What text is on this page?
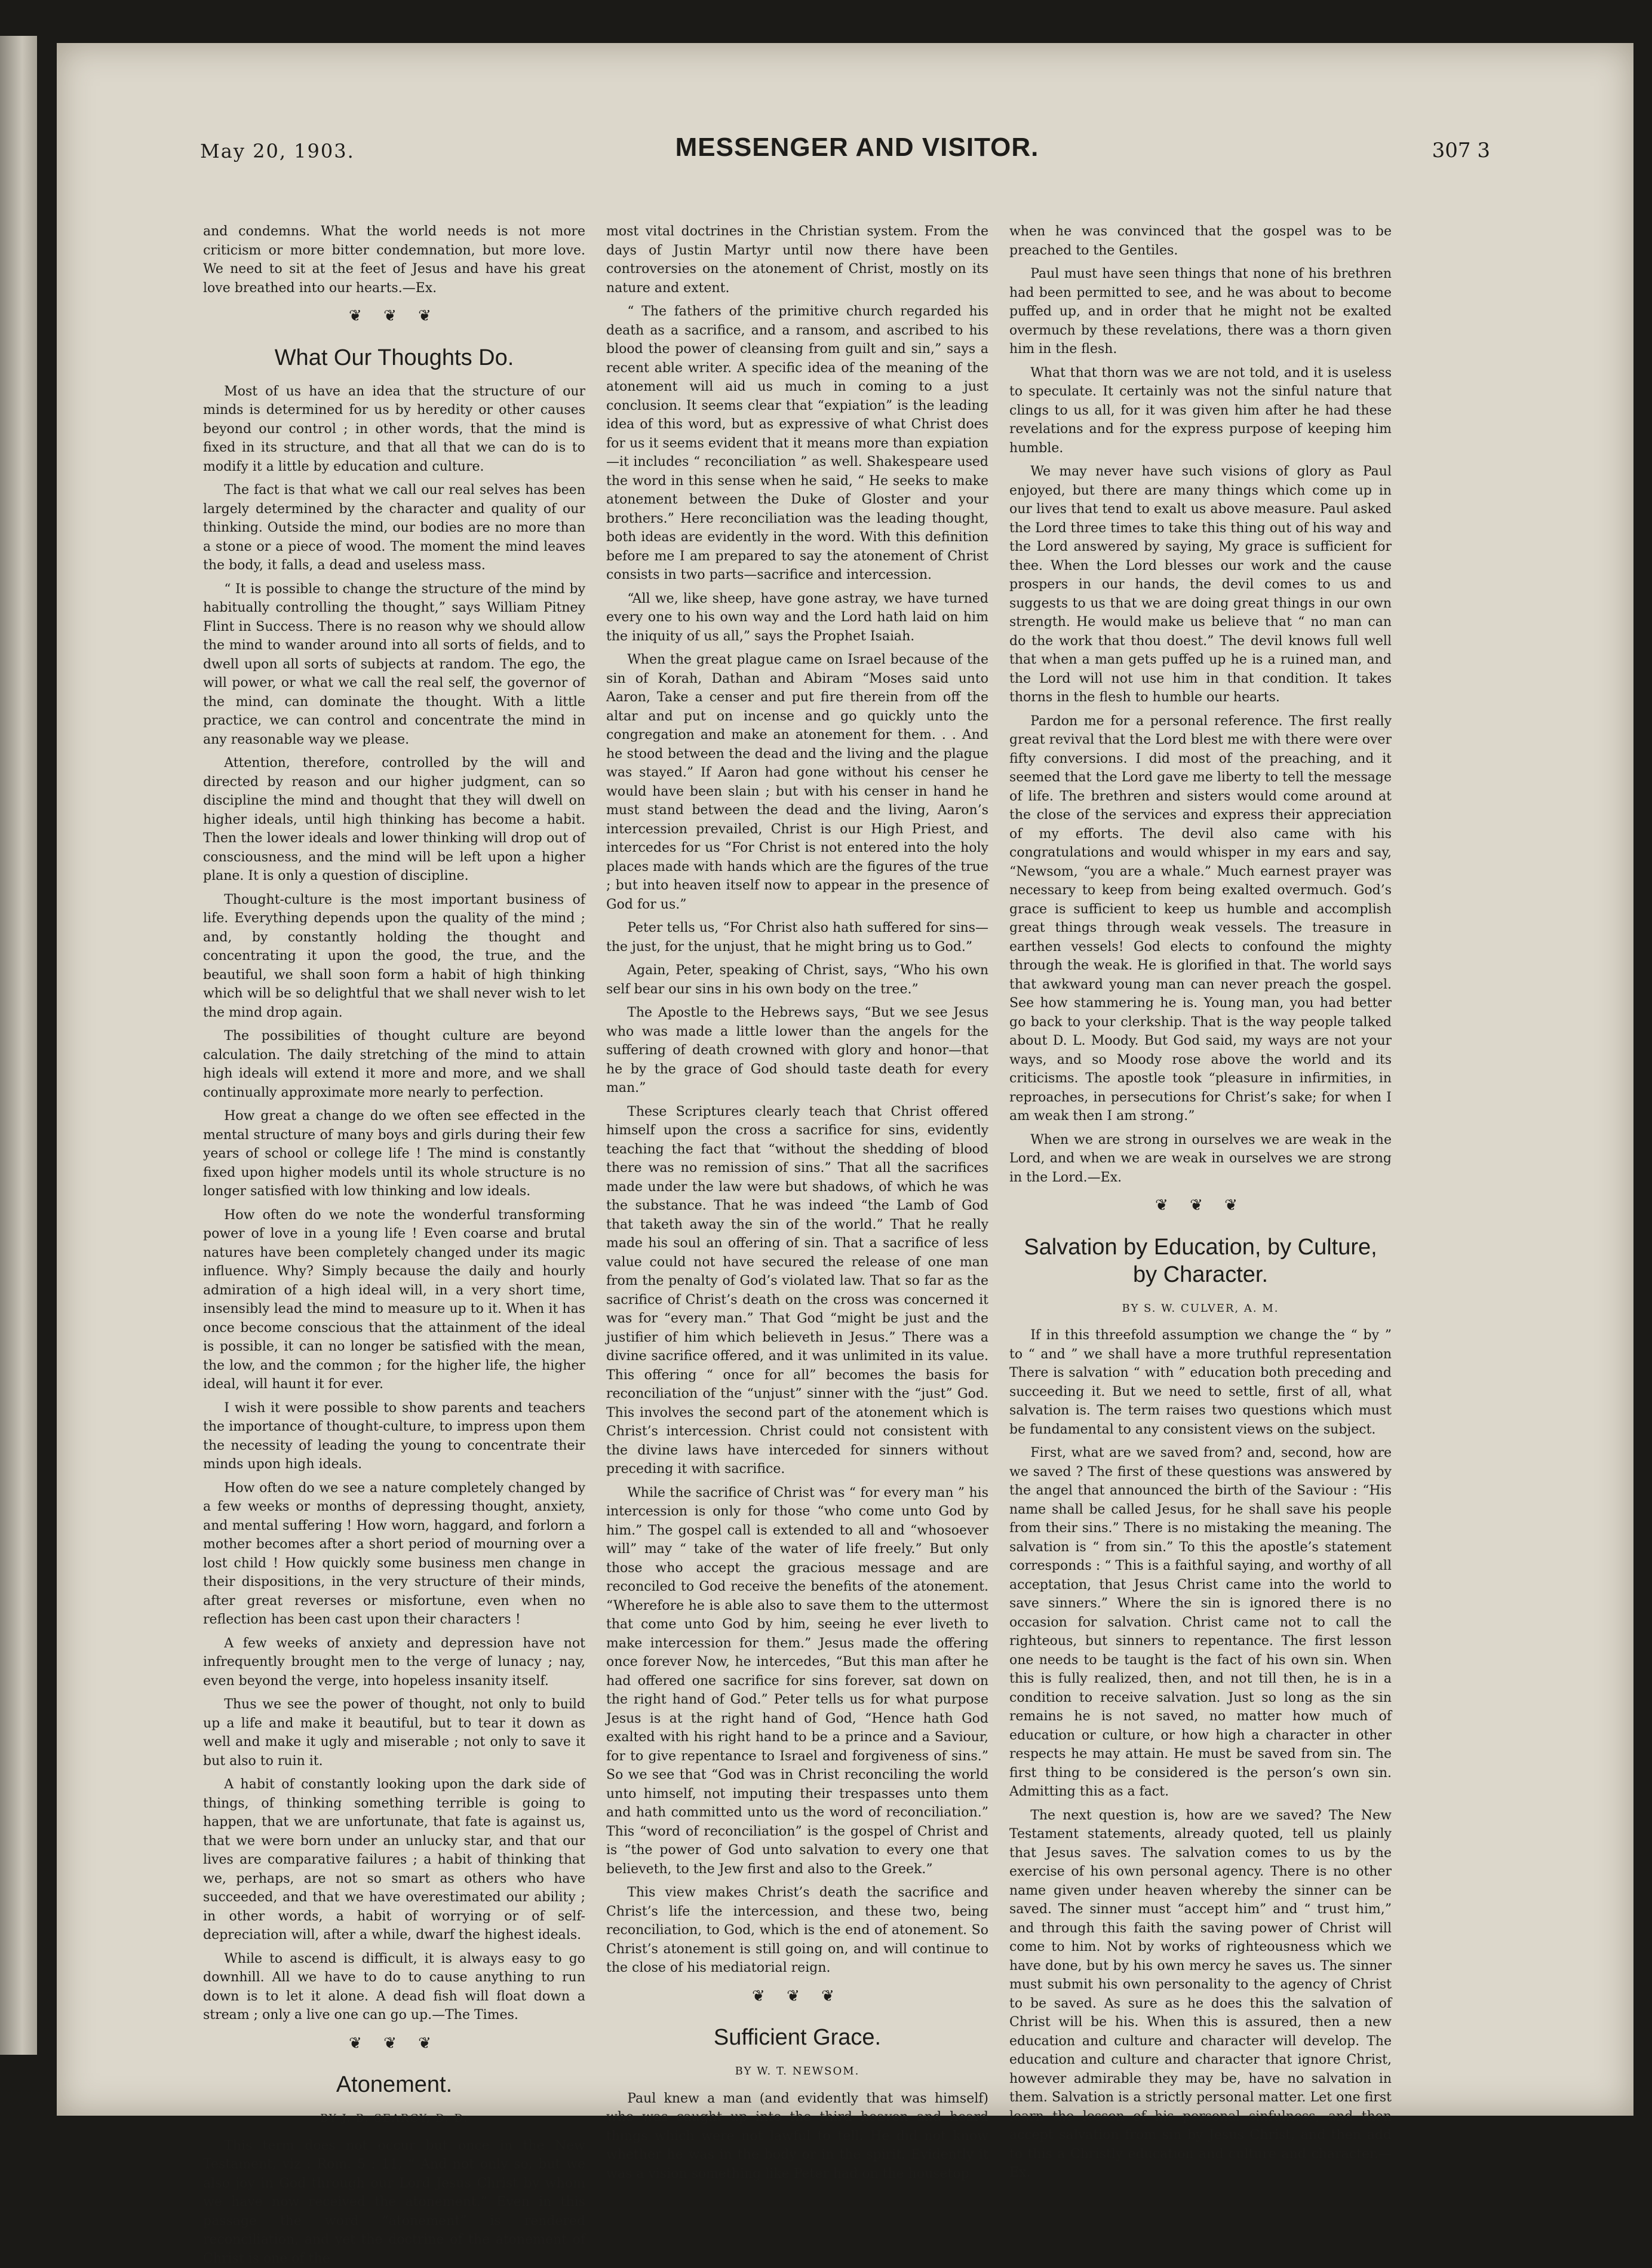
May 20, 1903.	MESSENGER AND VISITOR.	307 3

and condemns. What the world needs is not more criticism or more bitter condemnation, but more love. We need to sit at the feet of Jesus and have his great love breathed into our hearts.—Ex.

❦ ❦ ❦
What Our Thoughts Do.

Most of us have an idea that the structure of our minds is determined for us by heredity or other causes beyond our control ; in other words, that the mind is fixed in its structure, and that all that we can do is to modify it a little by education and culture.

The fact is that what we call our real selves has been largely determined by the character and quality of our thinking. Outside the mind, our bodies are no more than a stone or a piece of wood. The moment the mind leaves the body, it falls, a dead and useless mass.

“ It is possible to change the structure of the mind by habitually controlling the thought,” says William Pitney Flint in Success. There is no reason why we should allow the mind to wander around into all sorts of fields, and to dwell upon all sorts of subjects at random. The ego, the will power, or what we call the real self, the governor of the mind, can dominate the thought. With a little practice, we can control and concentrate the mind in any reasonable way we please.

Attention, therefore, controlled by the will and directed by reason and our higher judgment, can so discipline the mind and thought that they will dwell on higher ideals, until high thinking has become a habit. Then the lower ideals and lower thinking will drop out of consciousness, and the mind will be left upon a higher plane. It is only a question of discipline.

Thought-culture is the most important business of life. Everything depends upon the quality of the mind ; and, by constantly holding the thought and concentrating it upon the good, the true, and the beautiful, we shall soon form a habit of high thinking which will be so delightful that we shall never wish to let the mind drop again.

The possibilities of thought culture are beyond calculation. The daily stretching of the mind to attain high ideals will extend it more and more, and we shall continually approximate more nearly to perfection.

How great a change do we often see effected in the mental structure of many boys and girls during their few years of school or college life ! The mind is constantly fixed upon higher models until its whole structure is no longer satisfied with low thinking and low ideals.

How often do we note the wonderful transforming power of love in a young life ! Even coarse and brutal natures have been completely changed under its magic influence. Why? Simply because the daily and hourly admiration of a high ideal will, in a very short time, insensibly lead the mind to measure up to it. When it has once become conscious that the attainment of the ideal is possible, it can no longer be satisfied with the mean, the low, and the common ; for the higher life, the higher ideal, will haunt it for ever.

I wish it were possible to show parents and teachers the importance of thought-culture, to impress upon them the necessity of leading the young to concentrate their minds upon high ideals.

How often do we see a nature completely changed by a few weeks or months of depressing thought, anxiety, and mental suffering ! How worn, haggard, and forlorn a mother becomes after a short period of mourning over a lost child ! How quickly some business men change in their dispositions, in the very structure of their minds, after great reverses or misfortune, even when no reflection has been cast upon their characters !

A few weeks of anxiety and depression have not infrequently brought men to the verge of lunacy ; nay, even beyond the verge, into hopeless insanity itself.

Thus we see the power of thought, not only to build up a life and make it beautiful, but to tear it down as well and make it ugly and miserable ; not only to save it but also to ruin it.

A habit of constantly looking upon the dark side of things, of thinking something terrible is going to happen, that we are unfortunate, that fate is against us, that we were born under an unlucky star, and that our lives are comparative failures ; a habit of thinking that we, perhaps, are not so smart as others who have succeeded, and that we have overestimated our ability ; in other words, a habit of worrying or of self-depreciation will, after a while, dwarf the highest ideals.

While to ascend is difficult, it is always easy to go downhill. All we have to do to cause anything to run down is to let it alone. A dead fish will float down a stream ; only a live one can go up.—The Times.

❦ ❦ ❦
Atonement.
BY J. B. SEARCY, D. D.

This term does not occur but once in the New Testament, viz : Rom. 5 : 11, “ And not only so, but we also joy in God through our Lord Jesus Christ by whom we have now received the atonement.” Even in this passage the word “atonement” is rendered reconciliation, and yet the doctrine of the atonement of Christ is one of the

most vital doctrines in the Christian system. From the days of Justin Martyr until now there have been controversies on the atonement of Christ, mostly on its nature and extent.

“ The fathers of the primitive church regarded his death as a sacrifice, and a ransom, and ascribed to his blood the power of cleansing from guilt and sin,” says a recent able writer. A specific idea of the meaning of the atonement will aid us much in coming to a just conclusion. It seems clear that “expiation” is the leading idea of this word, but as expressive of what Christ does for us it seems evident that it means more than expiation—it includes “ reconciliation ” as well. Shakespeare used the word in this sense when he said, “ He seeks to make atonement between the Duke of Gloster and your brothers.” Here reconciliation was the leading thought, both ideas are evidently in the word. With this definition before me I am prepared to say the atonement of Christ consists in two parts—sacrifice and intercession.

“All we, like sheep, have gone astray, we have turned every one to his own way and the Lord hath laid on him the iniquity of us all,” says the Prophet Isaiah.

When the great plague came on Israel because of the sin of Korah, Dathan and Abiram “Moses said unto Aaron, Take a censer and put fire therein from off the altar and put on incense and go quickly unto the congregation and make an atonement for them. . . And he stood between the dead and the living and the plague was stayed.” If Aaron had gone without his censer he would have been slain ; but with his censer in hand he must stand between the dead and the living, Aaron’s intercession prevailed, Christ is our High Priest, and intercedes for us “For Christ is not entered into the holy places made with hands which are the figures of the true ; but into heaven itself now to appear in the presence of God for us.”

Peter tells us, “For Christ also hath suffered for sins—the just, for the unjust, that he might bring us to God.”

Again, Peter, speaking of Christ, says, “Who his own self bear our sins in his own body on the tree.”

The Apostle to the Hebrews says, “But we see Jesus who was made a little lower than the angels for the suffering of death crowned with glory and honor—that he by the grace of God should taste death for every man.”

These Scriptures clearly teach that Christ offered himself upon the cross a sacrifice for sins, evidently teaching the fact that “without the shedding of blood there was no remission of sins.” That all the sacrifices made under the law were but shadows, of which he was the substance. That he was indeed “the Lamb of God that taketh away the sin of the world.” That he really made his soul an offering of sin. That a sacrifice of less value could not have secured the release of one man from the penalty of God’s violated law. That so far as the sacrifice of Christ’s death on the cross was concerned it was for “every man.” That God “might be just and the justifier of him which believeth in Jesus.” There was a divine sacrifice offered, and it was unlimited in its value. This offering “ once for all” becomes the basis for reconciliation of the “unjust” sinner with the “just” God. This involves the second part of the atonement which is Christ’s intercession. Christ could not consistent with the divine laws have interceded for sinners without preceding it with sacrifice.

While the sacrifice of Christ was “ for every man ” his intercession is only for those “who come unto God by him.” The gospel call is extended to all and “whosoever will” may “ take of the water of life freely.” But only those who accept the gracious message and are reconciled to God receive the benefits of the atonement. “Wherefore he is able also to save them to the uttermost that come unto God by him, seeing he ever liveth to make intercession for them.” Jesus made the offering once forever Now, he intercedes, “But this man after he had offered one sacrifice for sins forever, sat down on the right hand of God.” Peter tells us for what purpose Jesus is at the right hand of God, “Hence hath God exalted with his right hand to be a prince and a Saviour, for to give repentance to Israel and forgiveness of sins.” So we see that “God was in Christ reconciling the world unto himself, not imputing their trespasses unto them and hath committed unto us the word of reconciliation.” This “word of reconciliation” is the gospel of Christ and is “the power of God unto salvation to every one that believeth, to the Jew first and also to the Greek.”

This view makes Christ’s death the sacrifice and Christ’s life the intercession, and these two, being reconciliation, to God, which is the end of atonement. So Christ’s atonement is still going on, and will continue to the close of his mediatorial reign.

❦ ❦ ❦
Sufficient Grace.
BY W. T. NEWSOM.

Paul knew a man (and evidently that was himself) who was caught up into the third heaven and heard things which were not lawful to tell. He did not know whether he was in the body or in the spirit. Evidently it was a vision something like Peter had on the housetop

when he was convinced that the gospel was to be preached to the Gentiles.

Paul must have seen things that none of his brethren had been permitted to see, and he was about to become puffed up, and in order that he might not be exalted overmuch by these revelations, there was a thorn given him in the flesh.

What that thorn was we are not told, and it is useless to speculate. It certainly was not the sinful nature that clings to us all, for it was given him after he had these revelations and for the express purpose of keeping him humble.

We may never have such visions of glory as Paul enjoyed, but there are many things which come up in our lives that tend to exalt us above measure. Paul asked the Lord three times to take this thing out of his way and the Lord answered by saying, My grace is sufficient for thee. When the Lord blesses our work and the cause prospers in our hands, the devil comes to us and suggests to us that we are doing great things in our own strength. He would make us believe that “ no man can do the work that thou doest.” The devil knows full well that when a man gets puffed up he is a ruined man, and the Lord will not use him in that condition. It takes thorns in the flesh to humble our hearts.

Pardon me for a personal reference. The first really great revival that the Lord blest me with there were over fifty conversions. I did most of the preaching, and it seemed that the Lord gave me liberty to tell the message of life. The brethren and sisters would come around at the close of the services and express their appreciation of my efforts. The devil also came with his congratulations and would whisper in my ears and say, “Newsom, “you are a whale.” Much earnest prayer was necessary to keep from being exalted overmuch. God’s grace is sufficient to keep us humble and accomplish great things through weak vessels. The treasure in earthen vessels! God elects to confound the mighty through the weak. He is glorified in that. The world says that awkward young man can never preach the gospel. See how stammering he is. Young man, you had better go back to your clerkship. That is the way people talked about D. L. Moody. But God said, my ways are not your ways, and so Moody rose above the world and its criticisms. The apostle took “pleasure in infirmities, in reproaches, in persecutions for Christ’s sake; for when I am weak then I am strong.”

When we are strong in ourselves we are weak in the Lord, and when we are weak in ourselves we are strong in the Lord.—Ex.

❦ ❦ ❦
Salvation by Education, by Culture, by Character.
BY S. W. CULVER, A. M.

If in this threefold assumption we change the “ by ” to “ and ” we shall have a more truthful representation There is salvation “ with ” education both preceding and succeeding it. But we need to settle, first of all, what salvation is. The term raises two questions which must be fundamental to any consistent views on the subject.

First, what are we saved from? and, second, how are we saved ? The first of these questions was answered by the angel that announced the birth of the Saviour : “His name shall be called Jesus, for he shall save his people from their sins.” There is no mistaking the meaning. The salvation is “ from sin.” To this the apostle’s statement corresponds : “ This is a faithful saying, and worthy of all acceptation, that Jesus Christ came into the world to save sinners.” Where the sin is ignored there is no occasion for salvation. Christ came not to call the righteous, but sinners to repentance. The first lesson one needs to be taught is the fact of his own sin. When this is fully realized, then, and not till then, he is in a condition to receive salvation. Just so long as the sin remains he is not saved, no matter how much of education or culture, or how high a character in other respects he may attain. He must be saved from sin. The first thing to be considered is the person’s own sin. Admitting this as a fact.

The next question is, how are we saved? The New Testament statements, already quoted, tell us plainly that Jesus saves. The salvation comes to us by the exercise of his own personal agency. There is no other name given under heaven whereby the sinner can be saved. The sinner must “accept him” and “ trust him,” and through this faith the saving power of Christ will come to him. Not by works of righteousness which we have done, but by his own mercy he saves us. The sinner must submit his own personality to the agency of Christ to be saved. As sure as he does this the salvation of Christ will be his. When this is assured, then a new education and culture and character will develop. The education and culture and character that ignore Christ, however admirable they may be, have no salvation in them. Salvation is a strictly personal matter. Let one first learn the lesson of his personal sinfulness, and then accept salvation from sin by Jesus Christ, and then add to this a Christly education and culture and character.—Ex.
